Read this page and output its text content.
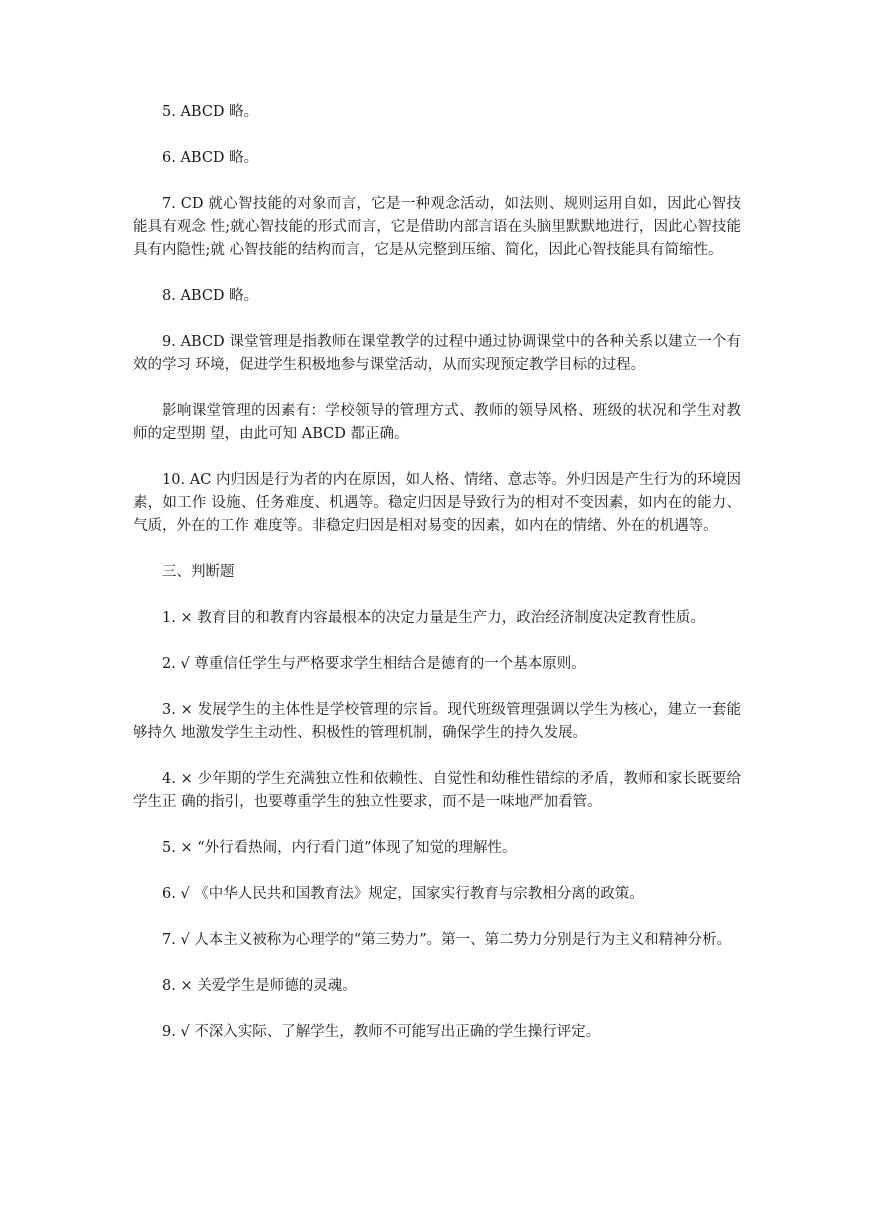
5. ABCD 略。

6. ABCD 略。

7. CD 就心智技能的对象而言，它是一种观念活动，如法则、规则运用自如，因此心智技能具有观念 性;就心智技能的形式而言，它是借助内部言语在头脑里默默地进行，因此心智技能具有内隐性;就 心智技能的结构而言，它是从完整到压缩、简化，因此心智技能具有简缩性。

8. ABCD 略。

9. ABCD 课堂管理是指教师在课堂教学的过程中通过协调课堂中的各种关系以建立一个有效的学习 环境，促进学生积极地参与课堂活动，从而实现预定教学目标的过程。

影响课堂管理的因素有：学校领导的管理方式、教师的领导风格、班级的状况和学生对教师的定型期 望，由此可知 ABCD 都正确。

10. AC 内归因是行为者的内在原因，如人格、情绪、意志等。外归因是产生行为的环境因素，如工作 设施、任务难度、机遇等。稳定归因是导致行为的相对不变因素，如内在的能力、气质，外在的工作 难度等。非稳定归因是相对易变的因素，如内在的情绪、外在的机遇等。

三、判断题

1. × 教育目的和教育内容最根本的决定力量是生产力，政治经济制度决定教育性质。

2. √ 尊重信任学生与严格要求学生相结合是德育的一个基本原则。

3. × 发展学生的主体性是学校管理的宗旨。现代班级管理强调以学生为核心，建立一套能够持久 地激发学生主动性、积极性的管理机制，确保学生的持久发展。

4. × 少年期的学生充满独立性和依赖性、自觉性和幼稚性错综的矛盾，教师和家长既要给学生正 确的指引，也要尊重学生的独立性要求，而不是一味地严加看管。

5. × “外行看热闹，内行看门道”体现了知觉的理解性。

6. √ 《中华人民共和国教育法》规定，国家实行教育与宗教相分离的政策。

7. √ 人本主义被称为心理学的“第三势力”。第一、第二势力分别是行为主义和精神分析。

8. × 关爱学生是师德的灵魂。

9. √ 不深入实际、了解学生，教师不可能写出正确的学生操行评定。
